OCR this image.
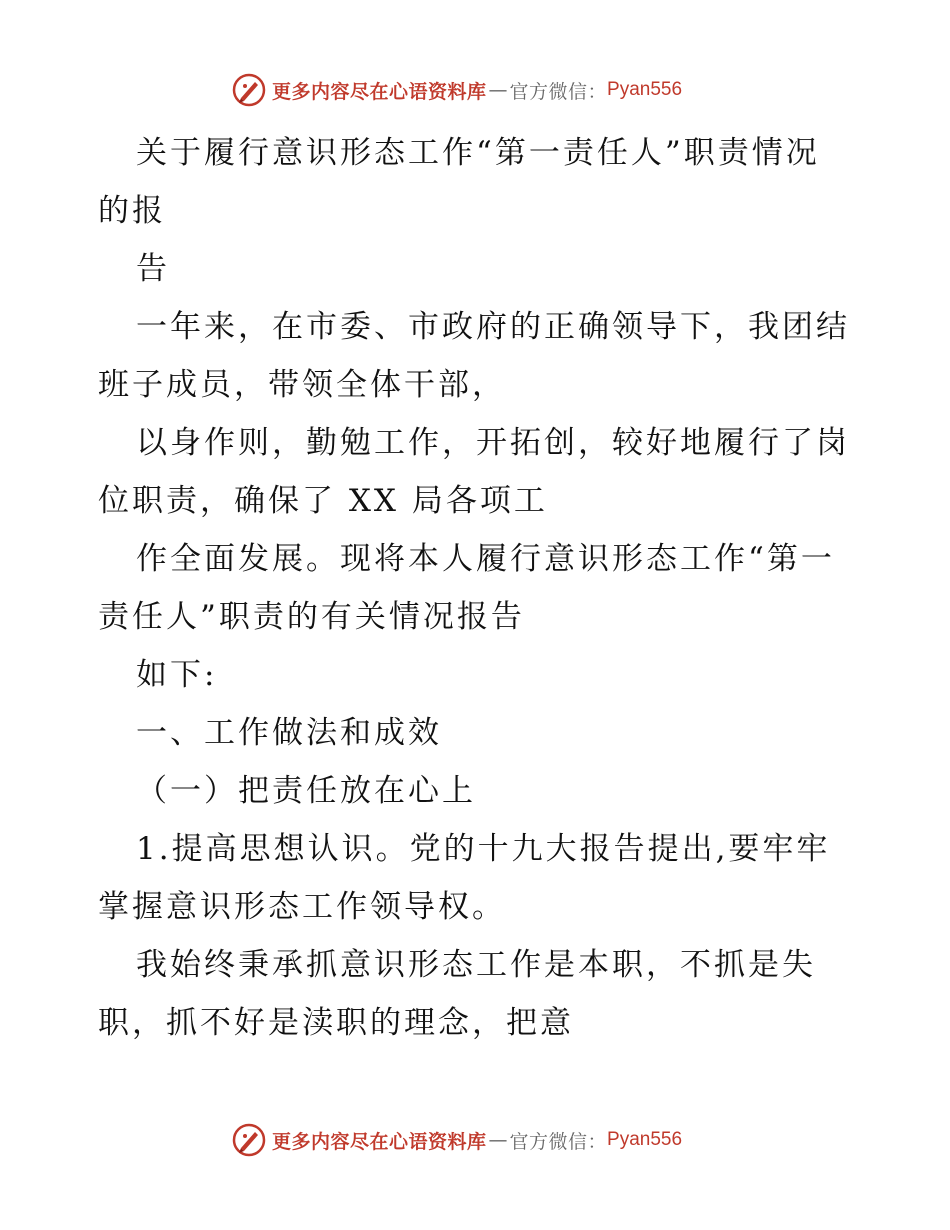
更多内容尽在心语资料库 — 官方微信： Pyan556
关于履行意识形态工作“第一责任人”职责情况
的报
告
一年来，在市委、市政府的正确领导下，我团结
班子成员，带领全体干部，
以身作则，勤勉工作，开拓创，较好地履行了岗
位职责，确保了 XX 局各项工
作全面发展。现将本人履行意识形态工作“第一
责任人”职责的有关情况报告
如下:
一、工作做法和成效
（一）把责任放在心上
1.提高思想认识。党的十九大报告提出,要牢牢
掌握意识形态工作领导权。
我始终秉承抓意识形态工作是本职，不抓是失
职，抓不好是渎职的理念，把意
更多内容尽在心语资料库 — 官方微信： Pyan556
